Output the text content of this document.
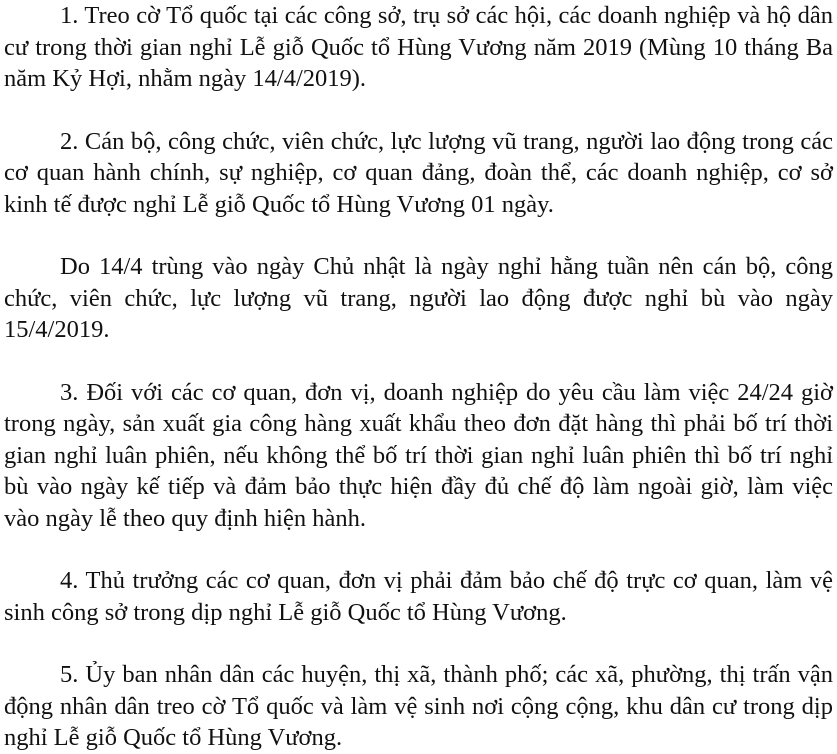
1. Treo cờ Tổ quốc tại các công sở, trụ sở các hội, các doanh nghiệp và hộ dân cư trong thời gian nghỉ Lễ giỗ Quốc tổ Hùng Vương năm 2019 (Mùng 10 tháng Ba năm Kỷ Hợi, nhằm ngày 14/4/2019).

2. Cán bộ, công chức, viên chức, lực lượng vũ trang, người lao động trong các cơ quan hành chính, sự nghiệp, cơ quan đảng, đoàn thể, các doanh nghiệp, cơ sở kinh tế được nghỉ Lễ giỗ Quốc tổ Hùng Vương 01 ngày.

Do 14/4 trùng vào ngày Chủ nhật là ngày nghỉ hằng tuần nên cán bộ, công chức, viên chức, lực lượng vũ trang, người lao động được nghỉ bù vào ngày 15/4/2019.

3. Đối với các cơ quan, đơn vị, doanh nghiệp do yêu cầu làm việc 24/24 giờ trong ngày, sản xuất gia công hàng xuất khẩu theo đơn đặt hàng thì phải bố trí thời gian nghỉ luân phiên, nếu không thể bố trí thời gian nghỉ luân phiên thì bố trí nghỉ bù vào ngày kế tiếp và đảm bảo thực hiện đầy đủ chế độ làm ngoài giờ, làm việc vào ngày lễ theo quy định hiện hành.

4. Thủ trưởng các cơ quan, đơn vị phải đảm bảo chế độ trực cơ quan, làm vệ sinh công sở trong dịp nghỉ Lễ giỗ Quốc tổ Hùng Vương.

5. Ủy ban nhân dân các huyện, thị xã, thành phố; các xã, phường, thị trấn vận động nhân dân treo cờ Tổ quốc và làm vệ sinh nơi cộng cộng, khu dân cư trong dịp nghỉ Lễ giỗ Quốc tổ Hùng Vương.
